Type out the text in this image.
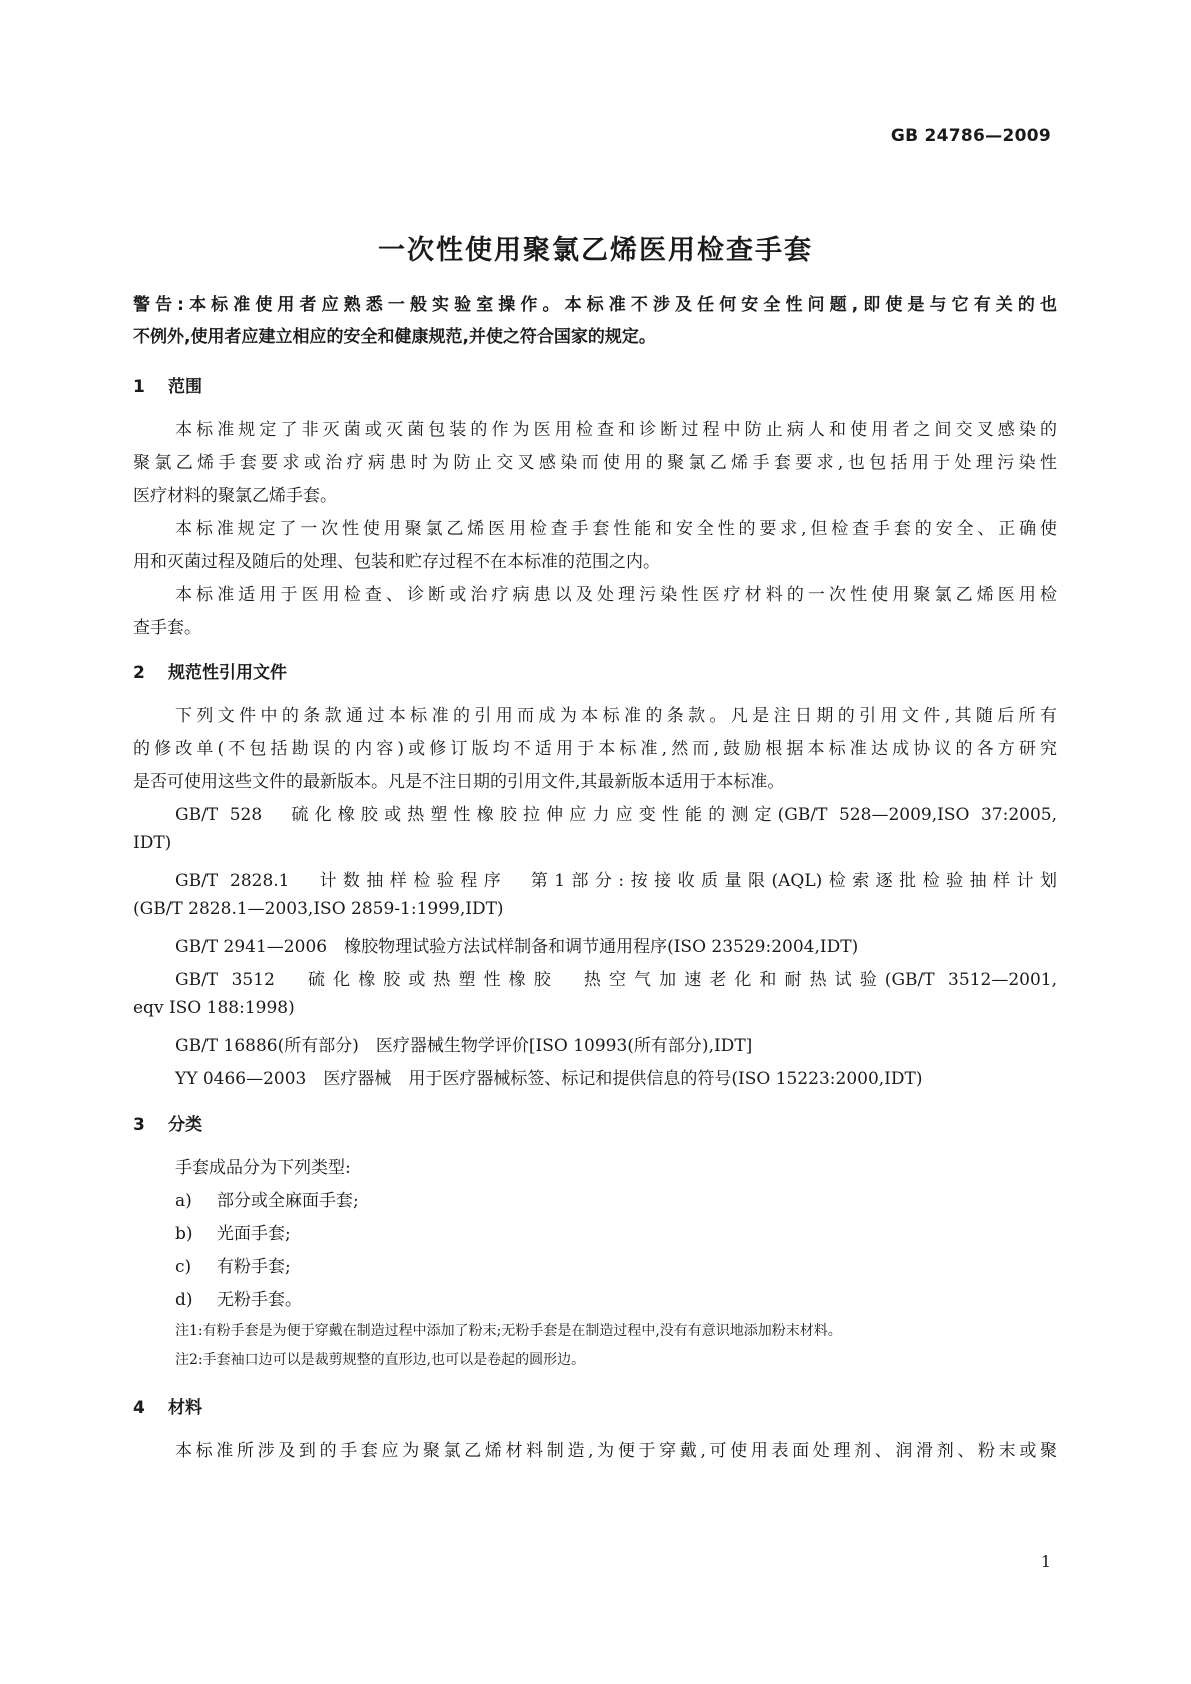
GB 24786—2009
一次性使用聚氯乙烯医用检查手套
警告:本标准使用者应熟悉一般实验室操作。本标准不涉及任何安全性问题,即使是与它有关的也
不例外,使用者应建立相应的安全和健康规范,并使之符合国家的规定。
1 范围
本标准规定了非灭菌或灭菌包装的作为医用检查和诊断过程中防止病人和使用者之间交叉感染的
聚氯乙烯手套要求或治疗病患时为防止交叉感染而使用的聚氯乙烯手套要求,也包括用于处理污染性
医疗材料的聚氯乙烯手套。
本标准规定了一次性使用聚氯乙烯医用检查手套性能和安全性的要求,但检查手套的安全、正确使
用和灭菌过程及随后的处理、包装和贮存过程不在本标准的范围之内。
本标准适用于医用检查、诊断或治疗病患以及处理污染性医疗材料的一次性使用聚氯乙烯医用检
查手套。
2 规范性引用文件
下列文件中的条款通过本标准的引用而成为本标准的条款。凡是注日期的引用文件,其随后所有
的修改单(不包括勘误的内容)或修订版均不适用于本标准,然而,鼓励根据本标准达成协议的各方研究
是否可使用这些文件的最新版本。凡是不注日期的引用文件,其最新版本适用于本标准。
GB/T 528　硫化橡胶或热塑性橡胶拉伸应力应变性能的测定(GB/T 528—2009,ISO 37:2005,
IDT)
GB/T 2828.1　计数抽样检验程序　第1部分:按接收质量限(AQL)检索逐批检验抽样计划
(GB/T 2828.1—2003,ISO 2859-1:1999,IDT)
GB/T 2941—2006　橡胶物理试验方法试样制备和调节通用程序(ISO 23529:2004,IDT)
GB/T 3512　硫化橡胶或热塑性橡胶　热空气加速老化和耐热试验(GB/T 3512—2001,
eqv ISO 188:1998)
GB/T 16886(所有部分)　医疗器械生物学评价[ISO 10993(所有部分),IDT]
YY 0466—2003　医疗器械　用于医疗器械标签、标记和提供信息的符号(ISO 15223:2000,IDT)
3 分类
手套成品分为下列类型:
a) 部分或全麻面手套;
b) 光面手套;
c) 有粉手套;
d) 无粉手套。
注1:有粉手套是为便于穿戴在制造过程中添加了粉末;无粉手套是在制造过程中,没有有意识地添加粉末材料。
注2:手套袖口边可以是裁剪规整的直形边,也可以是卷起的圆形边。
4 材料
本标准所涉及到的手套应为聚氯乙烯材料制造,为便于穿戴,可使用表面处理剂、润滑剂、粉末或聚
1
